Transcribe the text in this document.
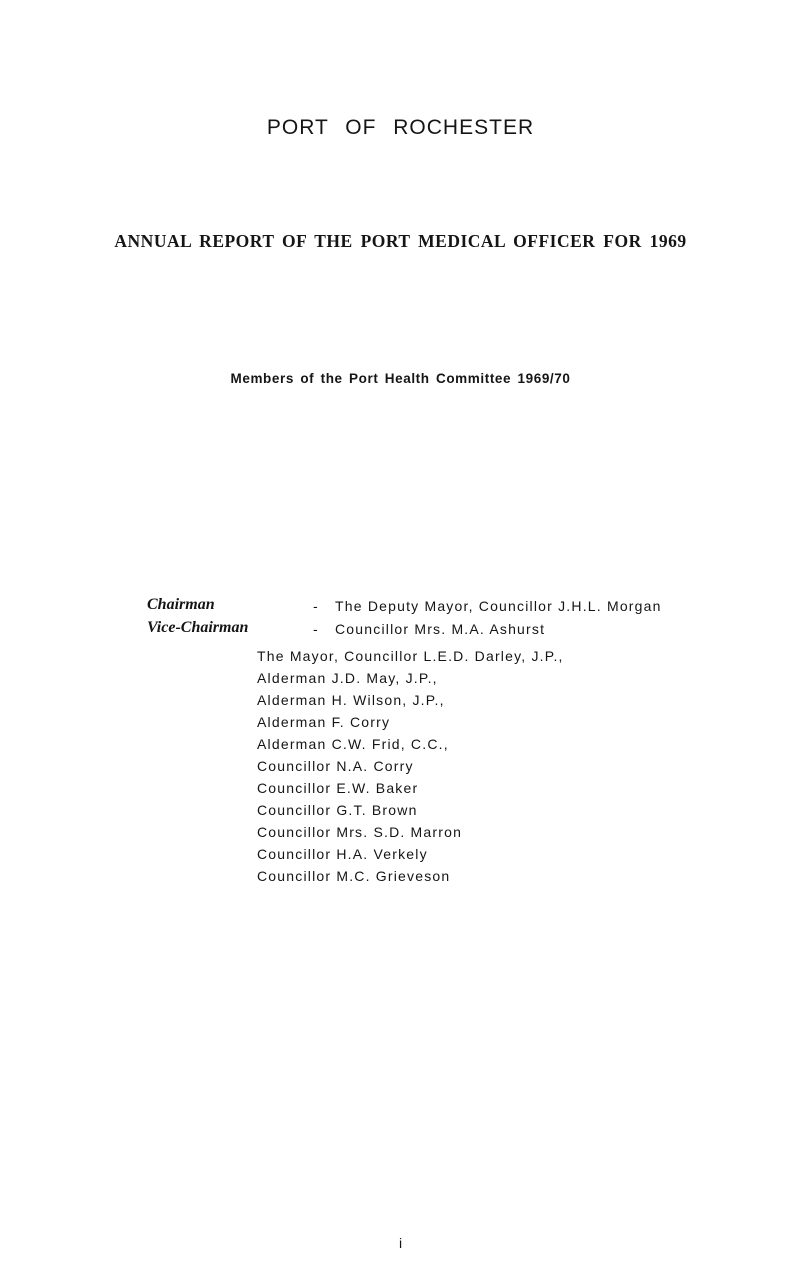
PORT OF ROCHESTER
ANNUAL REPORT OF THE PORT MEDICAL OFFICER FOR 1969
Members of the Port Health Committee 1969/70
Chairman	- The Deputy Mayor, Councillor J.H.L. Morgan
Vice-Chairman	- Councillor Mrs. M.A. Ashurst
The Mayor, Councillor L.E.D. Darley, J.P.,
Alderman J.D. May, J.P.,
Alderman H. Wilson, J.P.,
Alderman F. Corry
Alderman C.W. Frid, C.C.,
Councillor N.A. Corry
Councillor E.W. Baker
Councillor G.T. Brown
Councillor Mrs. S.D. Marron
Councillor H.A. Verkely
Councillor M.C. Grieveson
i
